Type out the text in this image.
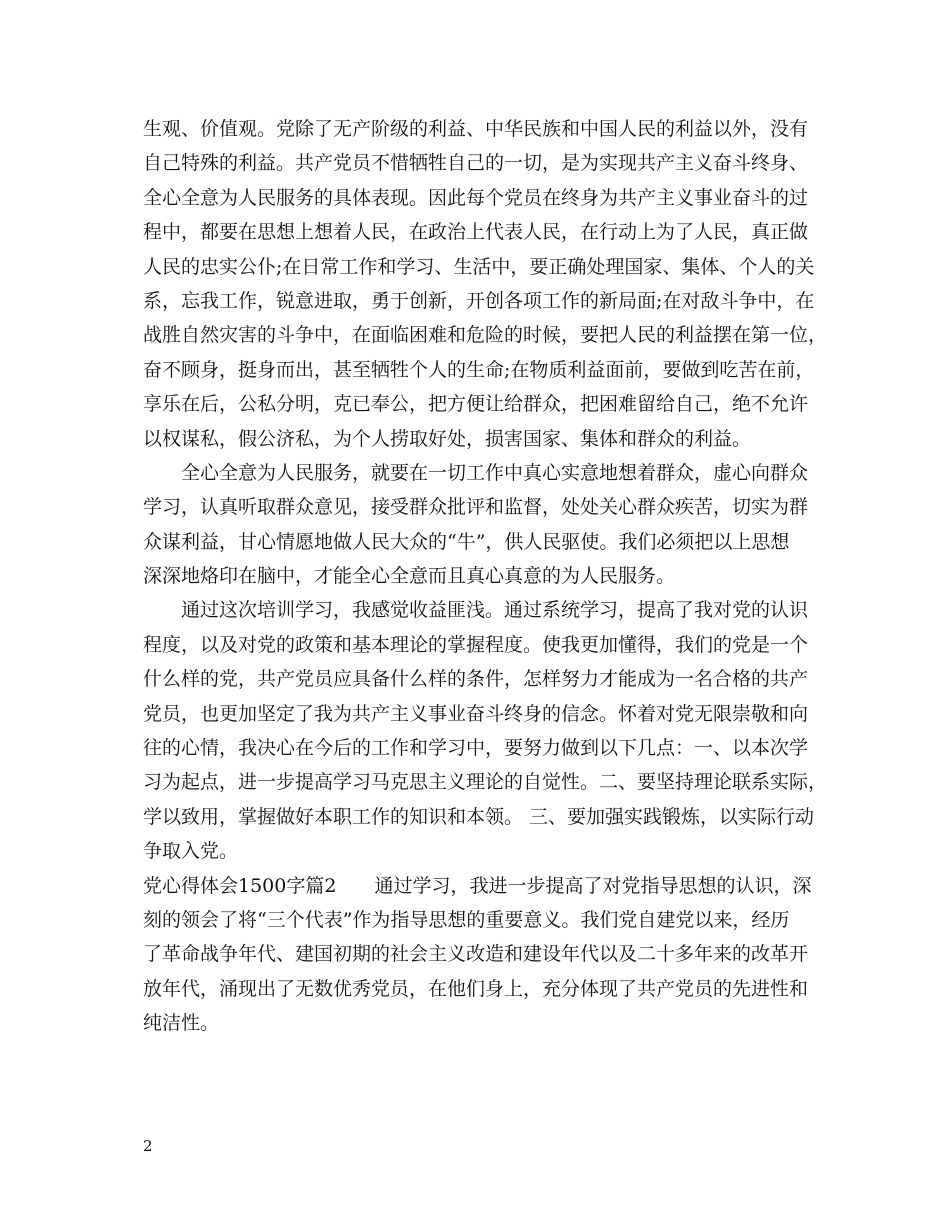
生观、价值观。党除了无产阶级的利益、中华民族和中国人民的利益以外，没有
自己特殊的利益。共产党员不惜牺牲自己的一切，是为实现共产主义奋斗终身、
全心全意为人民服务的具体表现。因此每个党员在终身为共产主义事业奋斗的过
程中，都要在思想上想着人民，在政治上代表人民，在行动上为了人民，真正做
人民的忠实公仆;在日常工作和学习、生活中，要正确处理国家、集体、个人的关
系，忘我工作，锐意进取，勇于创新，开创各项工作的新局面;在对敌斗争中，在
战胜自然灾害的斗争中，在面临困难和危险的时候，要把人民的利益摆在第一位，
奋不顾身，挺身而出，甚至牺牲个人的生命;在物质利益面前，要做到吃苦在前，
享乐在后，公私分明，克已奉公，把方便让给群众，把困难留给自己，绝不允许
以权谋私，假公济私，为个人捞取好处，损害国家、集体和群众的利益。
全心全意为人民服务，就要在一切工作中真心实意地想着群众，虚心向群众
学习，认真听取群众意见，接受群众批评和监督，处处关心群众疾苦，切实为群
众谋利益，甘心情愿地做人民大众的“牛”，供人民驱使。我们必须把以上思想
深深地烙印在脑中，才能全心全意而且真心真意的为人民服务。
通过这次培训学习，我感觉收益匪浅。通过系统学习，提高了我对党的认识
程度，以及对党的政策和基本理论的掌握程度。使我更加懂得，我们的党是一个
什么样的党，共产党员应具备什么样的条件，怎样努力才能成为一名合格的共产
党员，也更加坚定了我为共产主义事业奋斗终身的信念。怀着对党无限崇敬和向
往的心情，我决心在今后的工作和学习中，要努力做到以下几点：一、以本次学
习为起点，进一步提高学习马克思主义理论的自觉性。二、要坚持理论联系实际，
学以致用，掌握做好本职工作的知识和本领。 三、要加强实践锻炼，以实际行动
争取入党。
党心得体会1500字篇2　　通过学习，我进一步提高了对党指导思想的认识，深
刻的领会了将“三个代表”作为指导思想的重要意义。我们党自建党以来，经历
了革命战争年代、建国初期的社会主义改造和建设年代以及二十多年来的改革开
放年代，涌现出了无数优秀党员，在他们身上，充分体现了共产党员的先进性和
纯洁性。
2
